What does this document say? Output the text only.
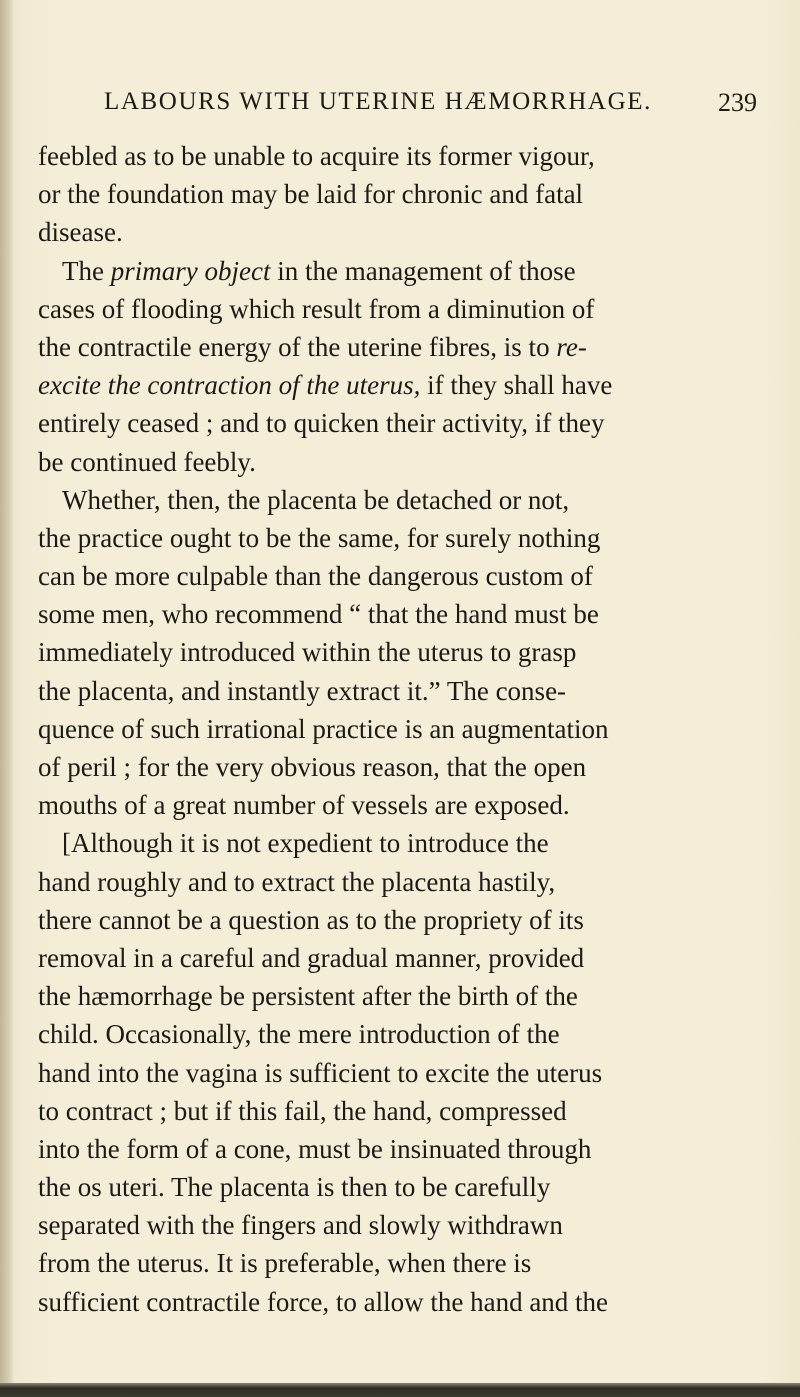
LABOURS WITH UTERINE HÆMORRHAGE.	239
feebled as to be unable to acquire its former vigour,
or the foundation may be laid for chronic and fatal
disease.
The primary object in the management of those
cases of flooding which result from a diminution of
the contractile energy of the uterine fibres, is to re-
excite the contraction of the uterus, if they shall have
entirely ceased ; and to quicken their activity, if they
be continued feebly.
Whether, then, the placenta be detached or not,
the practice ought to be the same, for surely nothing
can be more culpable than the dangerous custom of
some men, who recommend “ that the hand must be
immediately introduced within the uterus to grasp
the placenta, and instantly extract it.” The conse-
quence of such irrational practice is an augmentation
of peril ; for the very obvious reason, that the open
mouths of a great number of vessels are exposed.
[Although it is not expedient to introduce the
hand roughly and to extract the placenta hastily,
there cannot be a question as to the propriety of its
removal in a careful and gradual manner, provided
the hæmorrhage be persistent after the birth of the
child. Occasionally, the mere introduction of the
hand into the vagina is sufficient to excite the uterus
to contract ; but if this fail, the hand, compressed
into the form of a cone, must be insinuated through
the os uteri. The placenta is then to be carefully
separated with the fingers and slowly withdrawn
from the uterus. It is preferable, when there is
sufficient contractile force, to allow the hand and the
